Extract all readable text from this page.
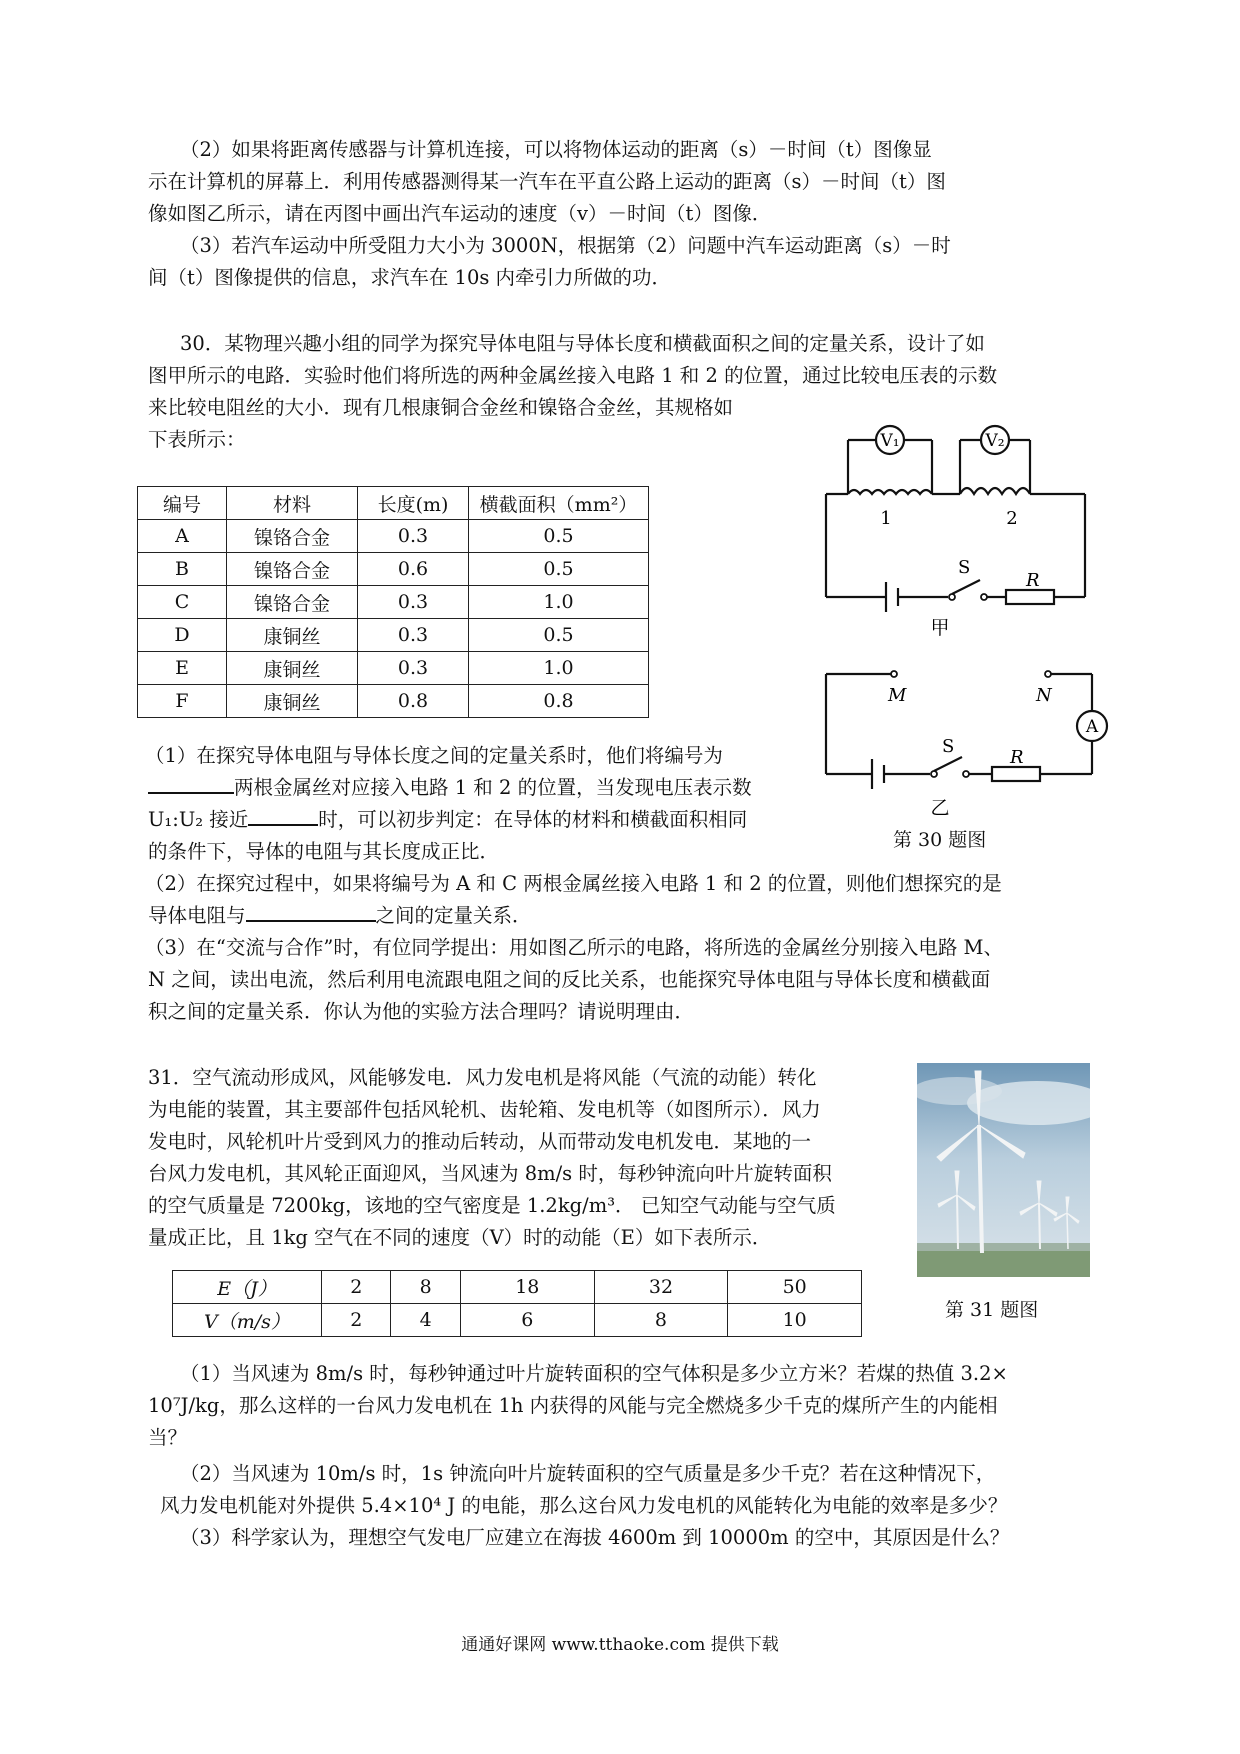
（2）如果将距离传感器与计算机连接，可以将物体运动的距离（s）－时间（t）图像显

示在计算机的屏幕上．利用传感器测得某一汽车在平直公路上运动的距离（s）－时间（t）图

像如图乙所示，请在丙图中画出汽车运动的速度（v）－时间（t）图像．

（3）若汽车运动中所受阻力大小为 3000N，根据第（2）问题中汽车运动距离（s）－时

间（t）图像提供的信息，求汽车在 10s 内牵引力所做的功．

30．某物理兴趣小组的同学为探究导体电阻与导体长度和横截面积之间的定量关系，设计了如

图甲所示的电路．实验时他们将所选的两种金属丝接入电路 1 和 2 的位置，通过比较电压表的示数

来比较电阻丝的大小．现有几根康铜合金丝和镍铬合金丝，其规格如

下表所示：

编号	材料	长度(m)	横截面积（mm²）
A	镍铬合金	0.3	0.5
B	镍铬合金	0.6	0.5
C	镍铬合金	0.3	1.0
D	康铜丝	0.3	0.5
E	康铜丝	0.3	1.0
F	康铜丝	0.8	0.8
V₁	V₂
1	2
S
R
甲
M	N
A
S
R
乙
第 30 题图

（1）在探究导体电阻与导体长度之间的定量关系时，他们将编号为

两根金属丝对应接入电路 1 和 2 的位置，当发现电压表示数

U₁:U₂ 接近	时，可以初步判定：在导体的材料和横截面积相同

的条件下，导体的电阻与其长度成正比．

（2）在探究过程中，如果将编号为 A 和 C 两根金属丝接入电路 1 和 2 的位置，则他们想探究的是

导体电阻与	之间的定量关系．

（3）在“交流与合作”时，有位同学提出：用如图乙所示的电路，将所选的金属丝分别接入电路 M、

N 之间，读出电流，然后利用电流跟电阻之间的反比关系，也能探究导体电阻与导体长度和横截面

积之间的定量关系．你认为他的实验方法合理吗？请说明理由．

31．空气流动形成风，风能够发电．风力发电机是将风能（气流的动能）转化

为电能的装置，其主要部件包括风轮机、齿轮箱、发电机等（如图所示）．风力

发电时，风轮机叶片受到风力的推动后转动，从而带动发电机发电．某地的一

台风力发电机，其风轮正面迎风，当风速为 8m/s 时，每秒钟流向叶片旋转面积

的空气质量是 7200kg，该地的空气密度是 1.2kg/m³． 已知空气动能与空气质

量成正比，且 1kg 空气在不同的速度（V）时的动能（E）如下表所示．

第 31 题图
E（J）	2	8	18	32	50
V（m/s）	2	4	6	8	10

（1）当风速为 8m/s 时，每秒钟通过叶片旋转面积的空气体积是多少立方米？若煤的热值 3.2×

10⁷J/kg，那么这样的一台风力发电机在 1h 内获得的风能与完全燃烧多少千克的煤所产生的内能相

当？

（2）当风速为 10m/s 时，1s 钟流向叶片旋转面积的空气质量是多少千克？若在这种情况下，

风力发电机能对外提供 5.4×10⁴ J 的电能，那么这台风力发电机的风能转化为电能的效率是多少？

（3）科学家认为，理想空气发电厂应建立在海拔 4600m 到 10000m 的空中，其原因是什么？

通通好课网 www.tthaoke.com 提供下载
